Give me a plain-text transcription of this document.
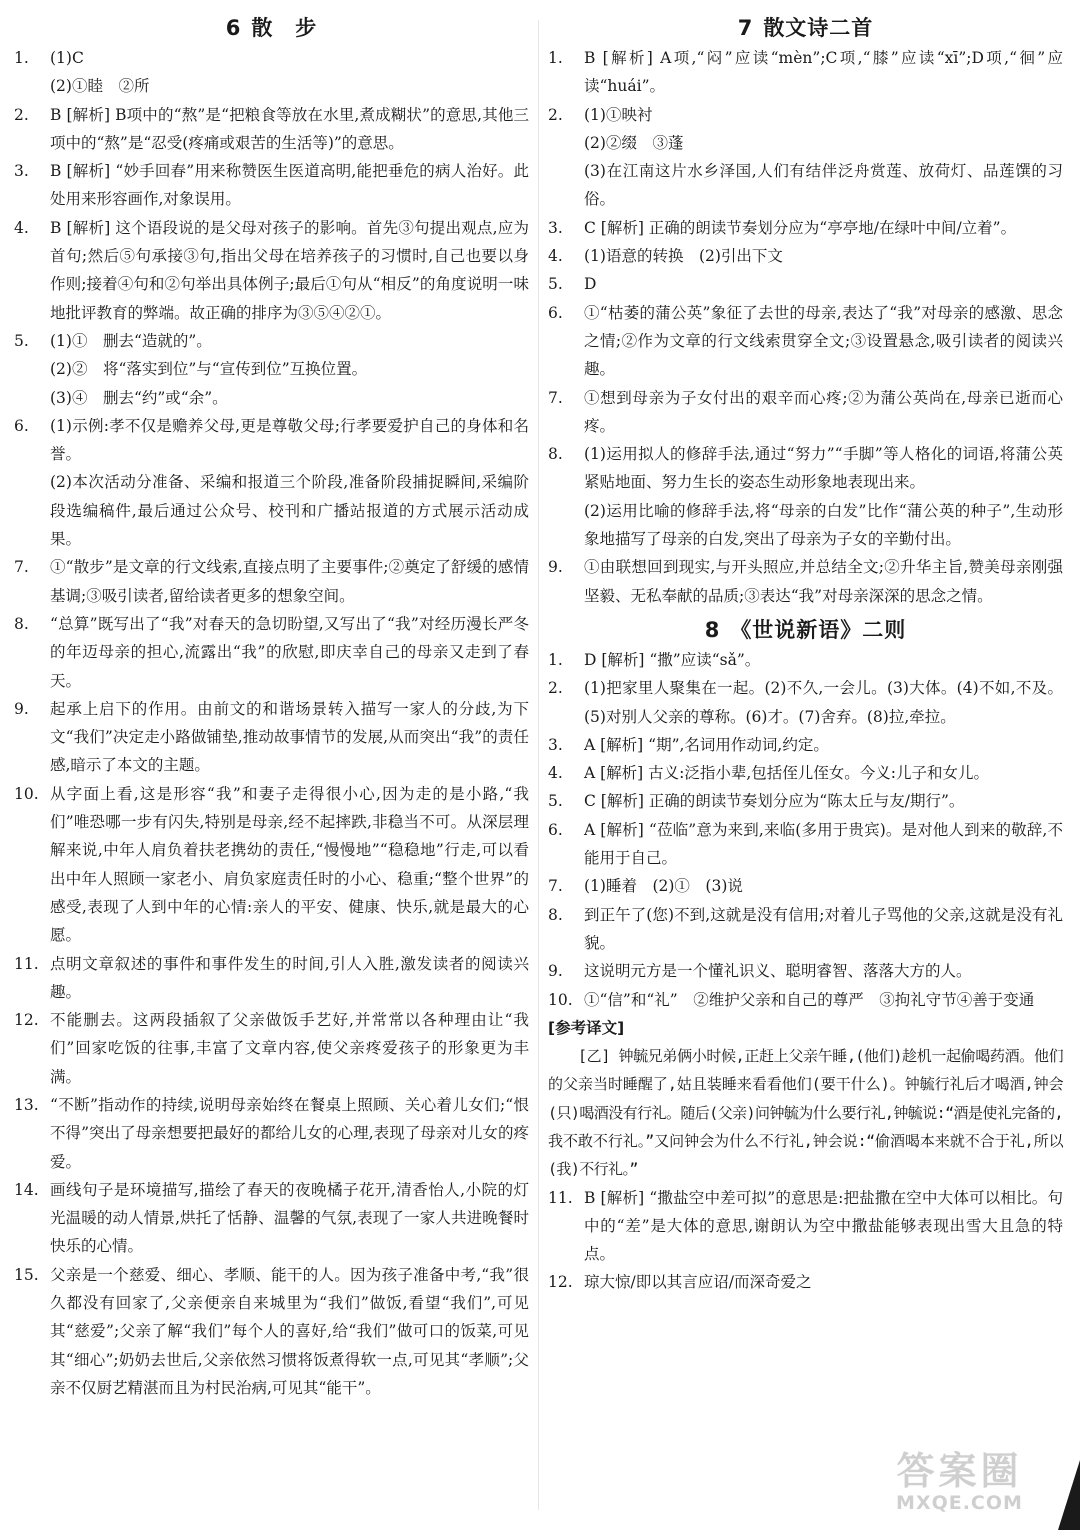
6 散　步
1. (1)C

(2)①睦　②所

2. B [解析] B项中的“熬”是“把粮食等放在水里,煮成糊状”的意思,其他三项中的“熬”是“忍受(疼痛或艰苦的生活等)”的意思。

3. B [解析] “妙手回春”用来称赞医生医道高明,能把垂危的病人治好。此处用来形容画作,对象误用。

4. B [解析] 这个语段说的是父母对孩子的影响。首先③句提出观点,应为首句;然后⑤句承接③句,指出父母在培养孩子的习惯时,自己也要以身作则;接着④句和②句举出具体例子;最后①句从“相反”的角度说明一味地批评教育的弊端。故正确的排序为③⑤④②①。

5. (1)①　删去“造就的”。

(2)②　将“落实到位”与“宣传到位”互换位置。

(3)④　删去“约”或“余”。

6. (1)示例:孝不仅是赡养父母,更是尊敬父母;行孝要爱护自己的身体和名誉。

(2)本次活动分准备、采编和报道三个阶段,准备阶段捕捉瞬间,采编阶段选编稿件,最后通过公众号、校刊和广播站报道的方式展示活动成果。

7. ①“散步”是文章的行文线索,直接点明了主要事件;②奠定了舒缓的感情基调;③吸引读者,留给读者更多的想象空间。

8. “总算”既写出了“我”对春天的急切盼望,又写出了“我”对经历漫长严冬的年迈母亲的担心,流露出“我”的欣慰,即庆幸自己的母亲又走到了春天。

9. 起承上启下的作用。由前文的和谐场景转入描写一家人的分歧,为下文“我们”决定走小路做铺垫,推动故事情节的发展,从而突出“我”的责任感,暗示了本文的主题。

10. 从字面上看,这是形容“我”和妻子走得很小心,因为走的是小路,“我们”唯恐哪一步有闪失,特别是母亲,经不起摔跌,非稳当不可。从深层理解来说,中年人肩负着扶老携幼的责任,“慢慢地”“稳稳地”行走,可以看出中年人照顾一家老小、肩负家庭责任时的小心、稳重;“整个世界”的感受,表现了人到中年的心情:亲人的平安、健康、快乐,就是最大的心愿。

11. 点明文章叙述的事件和事件发生的时间,引人入胜,激发读者的阅读兴趣。

12. 不能删去。这两段插叙了父亲做饭手艺好,并常常以各种理由让“我们”回家吃饭的往事,丰富了文章内容,使父亲疼爱孩子的形象更为丰满。

13. “不断”指动作的持续,说明母亲始终在餐桌上照顾、关心着儿女们;“恨不得”突出了母亲想要把最好的都给儿女的心理,表现了母亲对儿女的疼爱。

14. 画线句子是环境描写,描绘了春天的夜晚橘子花开,清香怡人,小院的灯光温暖的动人情景,烘托了恬静、温馨的气氛,表现了一家人共进晚餐时快乐的心情。

15. 父亲是一个慈爱、细心、孝顺、能干的人。因为孩子准备中考,“我”很久都没有回家了,父亲便亲自来城里为“我们”做饭,看望“我们”,可见其“慈爱”;父亲了解“我们”每个人的喜好,给“我们”做可口的饭菜,可见其“细心”;奶奶去世后,父亲依然习惯将饭煮得软一点,可见其“孝顺”;父亲不仅厨艺精湛而且为村民治病,可见其“能干”。

7 散文诗二首
1. B [解析] A项,“闷”应读“mèn”;C项,“膝”应读“xī”;D项,“徊”应读“huái”。

2. (1)①映衬

(2)②缀　③蓬

(3)在江南这片水乡泽国,人们有结伴泛舟赏莲、放荷灯、品莲馔的习俗。

3. C [解析] 正确的朗读节奏划分应为“亭亭地/在绿叶中间/立着”。

4. (1)语意的转换　(2)引出下文

5. D

6. ①“枯萎的蒲公英”象征了去世的母亲,表达了“我”对母亲的感激、思念之情;②作为文章的行文线索贯穿全文;③设置悬念,吸引读者的阅读兴趣。

7. ①想到母亲为子女付出的艰辛而心疼;②为蒲公英尚在,母亲已逝而心疼。

8. (1)运用拟人的修辞手法,通过“努力”“手脚”等人格化的词语,将蒲公英紧贴地面、努力生长的姿态生动形象地表现出来。

(2)运用比喻的修辞手法,将“母亲的白发”比作“蒲公英的种子”,生动形象地描写了母亲的白发,突出了母亲为子女的辛勤付出。

9. ①由联想回到现实,与开头照应,并总结全文;②升华主旨,赞美母亲刚强坚毅、无私奉献的品质;③表达“我”对母亲深深的思念之情。

8 《世说新语》二则
1. D [解析] “撒”应读“sǎ”。

2. (1)把家里人聚集在一起。(2)不久,一会儿。(3)大体。(4)不如,不及。(5)对别人父亲的尊称。(6)才。(7)舍弃。(8)拉,牵拉。

3. A [解析] “期”,名词用作动词,约定。

4. A [解析] 古义:泛指小辈,包括侄儿侄女。今义:儿子和女儿。

5. C [解析] 正确的朗读节奏划分应为“陈太丘与友/期行”。

6. A [解析] “莅临”意为来到,来临(多用于贵宾)。是对他人到来的敬辞,不能用于自己。

7. (1)睡着　(2)①　(3)说

8. 到正午了(您)不到,这就是没有信用;对着儿子骂他的父亲,这就是没有礼貌。

9. 这说明元方是一个懂礼识义、聪明睿智、落落大方的人。

10. ①“信”和“礼”　②维护父亲和自己的尊严　③拘礼守节④善于变通

[参考译文]

[乙] 钟毓兄弟俩小时候,正赶上父亲午睡,(他们)趁机一起偷喝药酒。他们的父亲当时睡醒了,姑且装睡来看看他们(要干什么)。钟毓行礼后才喝酒,钟会(只)喝酒没有行礼。随后(父亲)问钟毓为什么要行礼,钟毓说:“酒是使礼完备的,我不敢不行礼。”又问钟会为什么不行礼,钟会说:“偷酒喝本来就不合于礼,所以(我)不行礼。”

11. B [解析] “撒盐空中差可拟”的意思是:把盐撒在空中大体可以相比。句中的“差”是大体的意思,谢朗认为空中撒盐能够表现出雪大且急的特点。

12. 琼大惊/即以其言应诏/而深奇爱之

答案圈
MXQE.COM
